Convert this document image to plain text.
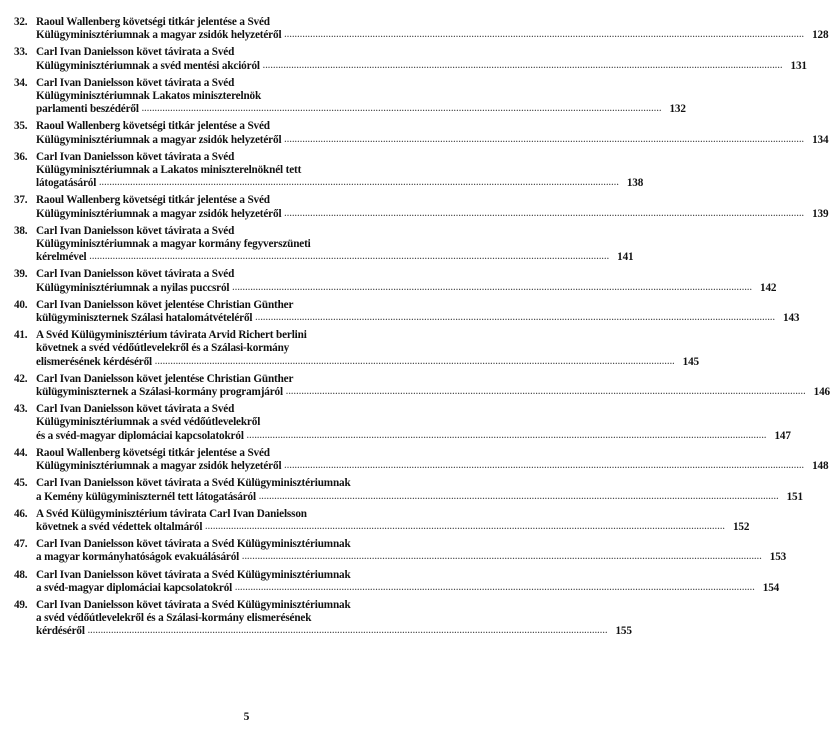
32. Raoul Wallenberg követségi titkár jelentése a Svéd
Külügyminisztériumnak a magyar zsidók helyzetéről ........................................................................................................................................................................................................ 128
33. Carl Ivan Danielsson követ távirata a Svéd
Külügyminisztériumnak a svéd mentési akcióról ........................................................................................................................................................................................................ 131
34. Carl Ivan Danielsson követ távirata a Svéd
Külügyminisztériumnak Lakatos miniszterelnök
parlamenti beszédéről ........................................................................................................................................................................................................ 132
35. Raoul Wallenberg követségi titkár jelentése a Svéd
Külügyminisztériumnak a magyar zsidók helyzetéről ........................................................................................................................................................................................................ 134
36. Carl Ivan Danielsson követ távirata a Svéd
Külügyminisztériumnak a Lakatos miniszterelnöknél tett
látogatásáról ........................................................................................................................................................................................................ 138
37. Raoul Wallenberg követségi titkár jelentése a Svéd
Külügyminisztériumnak a magyar zsidók helyzetéről ........................................................................................................................................................................................................ 139
38. Carl Ivan Danielsson követ távirata a Svéd
Külügyminisztériumnak a magyar kormány fegyverszüneti
kérelmével ........................................................................................................................................................................................................ 141
39. Carl Ivan Danielsson követ távirata a Svéd
Külügyminisztériumnak a nyilas puccsról ........................................................................................................................................................................................................ 142
40. Carl Ivan Danielsson követ jelentése Christian Günther
külügyminiszternek Szálasi hatalomátvételéről ........................................................................................................................................................................................................ 143
41. A Svéd Külügyminisztérium távirata Arvid Richert berlini
követnek a svéd védőútlevelekről és a Szálasi-kormány
elismerésének kérdéséről ........................................................................................................................................................................................................ 145
42. Carl Ivan Danielsson követ jelentése Christian Günther
külügyminiszternek a Szálasi-kormány programjáról ........................................................................................................................................................................................................ 146
43. Carl Ivan Danielsson követ távirata a Svéd
Külügyminisztériumnak a svéd védőútlevelekről
és a svéd-magyar diplomáciai kapcsolatokról ........................................................................................................................................................................................................ 147
44. Raoul Wallenberg követségi titkár jelentése a Svéd
Külügyminisztériumnak a magyar zsidók helyzetéről ........................................................................................................................................................................................................ 148
45. Carl Ivan Danielsson követ távirata a Svéd Külügyminisztériumnak
a Kemény külügyminiszternél tett látogatásáról ........................................................................................................................................................................................................ 151
46. A Svéd Külügyminisztérium távirata Carl Ivan Danielsson
követnek a svéd védettek oltalmáról ........................................................................................................................................................................................................ 152
47. Carl Ivan Danielsson követ távirata a Svéd Külügyminisztériumnak
a magyar kormányhatóságok evakuálásáról ........................................................................................................................................................................................................ 153
48. Carl Ivan Danielsson követ távirata a Svéd Külügyminisztériumnak
a svéd-magyar diplomáciai kapcsolatokról ........................................................................................................................................................................................................ 154
49. Carl Ivan Danielsson követ távirata a Svéd Külügyminisztériumnak
a svéd védőútlevelekről és a Szálasi-kormány elismerésének
kérdéséről ........................................................................................................................................................................................................ 155
5
